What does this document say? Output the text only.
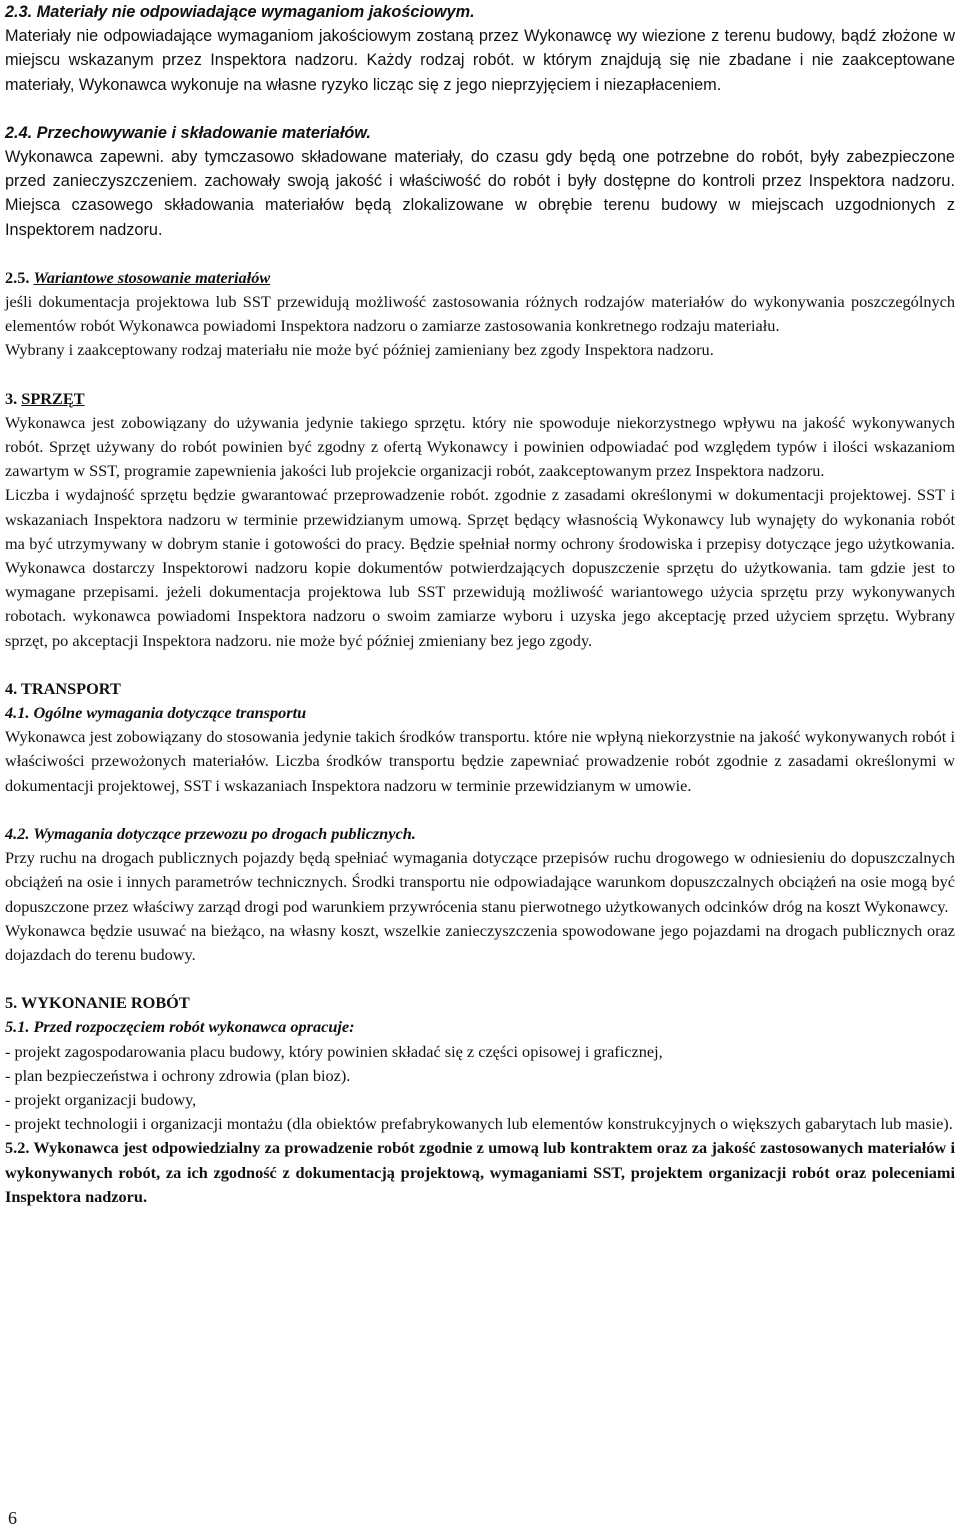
2.3. Materiały nie odpowiadające wymaganiom jakościowym.

Materiały nie odpowiadające wymaganiom jakościowym zostaną przez Wykonawcę wy wiezione z terenu budowy, bądź złożone w miejscu wskazanym przez Inspektora nadzoru. Każdy rodzaj robót. w którym znajdują się nie zbadane i nie zaakceptowane materiały, Wykonawca wykonuje na własne ryzyko licząc się z jego nieprzyjęciem i niezapłaceniem.

2.4. Przechowywanie i składowanie materiałów.

Wykonawca zapewni. aby tymczasowo składowane materiały, do czasu gdy będą one potrzebne do robót, były zabezpieczone przed zanieczyszczeniem. zachowały swoją jakość i właściwość do robót i były dostępne do kontroli przez Inspektora nadzoru. Miejsca czasowego składowania materiałów będą zlokalizowane w obrębie terenu budowy w miejscach uzgodnionych z Inspektorem nadzoru.

2.5. Wariantowe stosowanie materiałów

jeśli dokumentacja projektowa lub SST przewidują możliwość zastosowania różnych rodzajów materiałów do wykonywania poszczególnych elementów robót Wykonawca powiadomi Inspektora nadzoru o zamiarze zastosowania konkretnego rodzaju materiału.

Wybrany i zaakceptowany rodzaj materiału nie może być później zamieniany bez zgody Inspektora nadzoru.

3. SPRZĘT

Wykonawca jest zobowiązany do używania jedynie takiego sprzętu. który nie spowoduje niekorzystnego wpływu na jakość wykonywanych robót. Sprzęt używany do robót powinien być zgodny z ofertą Wykonawcy i powinien odpowiadać pod względem typów i ilości wskazaniom zawartym w SST, programie zapewnienia jakości lub projekcie organizacji robót, zaakceptowanym przez Inspektora nadzoru.

Liczba i wydajność sprzętu będzie gwarantować przeprowadzenie robót. zgodnie z zasadami określonymi w dokumentacji projektowej. SST i wskazaniach Inspektora nadzoru w terminie przewidzianym umową. Sprzęt będący własnością Wykonawcy lub wynajęty do wykonania robót ma być utrzymywany w dobrym stanie i gotowości do pracy. Będzie spełniał normy ochrony środowiska i przepisy dotyczące jego użytkowania. Wykonawca dostarczy Inspektorowi nadzoru kopie dokumentów potwierdzających dopuszczenie sprzętu do użytkowania. tam gdzie jest to wymagane przepisami. jeżeli dokumentacja projektowa lub SST przewidują możliwość wariantowego użycia sprzętu przy wykonywanych robotach. wykonawca powiadomi Inspektora nadzoru o swoim zamiarze wyboru i uzyska jego akceptację przed użyciem sprzętu. Wybrany sprzęt, po akceptacji Inspektora nadzoru. nie może być później zmieniany bez jego zgody.

4. TRANSPORT

4.1. Ogólne wymagania dotyczące transportu

Wykonawca jest zobowiązany do stosowania jedynie takich środków transportu. które nie wpłyną niekorzystnie na jakość wykonywanych robót i właściwości przewożonych materiałów. Liczba środków transportu będzie zapewniać prowadzenie robót zgodnie z zasadami określonymi w dokumentacji projektowej, SST i wskazaniach Inspektora nadzoru w terminie przewidzianym w umowie.

4.2. Wymagania dotyczące przewozu po drogach publicznych.

Przy ruchu na drogach publicznych pojazdy będą spełniać wymagania dotyczące przepisów ruchu drogowego w odniesieniu do dopuszczalnych obciążeń na osie i innych parametrów technicznych. Środki transportu nie odpowiadające warunkom dopuszczalnych obciążeń na osie mogą być dopuszczone przez właściwy zarząd drogi pod warunkiem przywrócenia stanu pierwotnego użytkowanych odcinków dróg na koszt Wykonawcy.

Wykonawca będzie usuwać na bieżąco, na własny koszt, wszelkie zanieczyszczenia spowodowane jego pojazdami na drogach publicznych oraz dojazdach do terenu budowy.

5. WYKONANIE ROBÓT

5.1. Przed rozpoczęciem robót wykonawca opracuje:

- projekt zagospodarowania placu budowy, który powinien składać się z części opisowej i graficznej,

- plan bezpieczeństwa i ochrony zdrowia (plan bioz).

- projekt organizacji budowy,

- projekt technologii i organizacji montażu (dla obiektów prefabrykowanych lub elementów konstrukcyjnych o większych gabarytach lub masie).

5.2. Wykonawca jest odpowiedzialny za prowadzenie robót zgodnie z umową lub kontraktem oraz za jakość zastosowanych materiałów i wykonywanych robót, za ich zgodność z dokumentacją projektową, wymaganiami SST, projektem organizacji robót oraz poleceniami Inspektora nadzoru.

6
